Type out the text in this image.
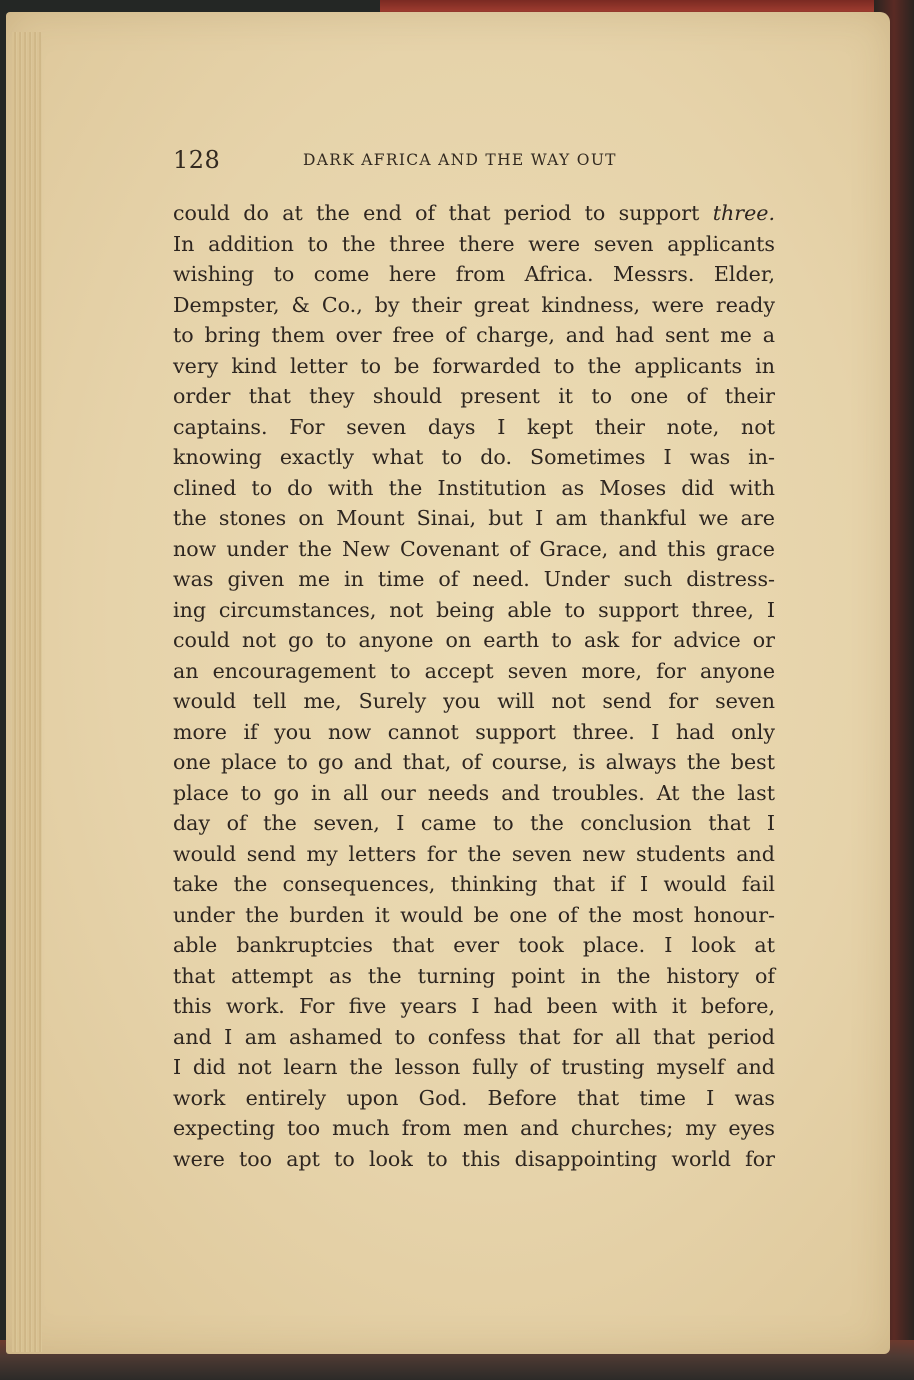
128	DARK AFRICA AND THE WAY OUT
could do at the end of that period to support three.
In addition to the three there were seven applicants
wishing to come here from Africa. Messrs. Elder,
Dempster, & Co., by their great kindness, were ready
to bring them over free of charge, and had sent me a
very kind letter to be forwarded to the applicants in
order that they should present it to one of their
captains. For seven days I kept their note, not
knowing exactly what to do. Sometimes I was in-
clined to do with the Institution as Moses did with
the stones on Mount Sinai, but I am thankful we are
now under the New Covenant of Grace, and this grace
was given me in time of need. Under such distress-
ing circumstances, not being able to support three, I
could not go to anyone on earth to ask for advice or
an encouragement to accept seven more, for anyone
would tell me, Surely you will not send for seven
more if you now cannot support three. I had only
one place to go and that, of course, is always the best
place to go in all our needs and troubles. At the last
day of the seven, I came to the conclusion that I
would send my letters for the seven new students and
take the consequences, thinking that if I would fail
under the burden it would be one of the most honour-
able bankruptcies that ever took place. I look at
that attempt as the turning point in the history of
this work. For five years I had been with it before,
and I am ashamed to confess that for all that period
I did not learn the lesson fully of trusting myself and
work entirely upon God. Before that time I was
expecting too much from men and churches; my eyes
were too apt to look to this disappointing world for
